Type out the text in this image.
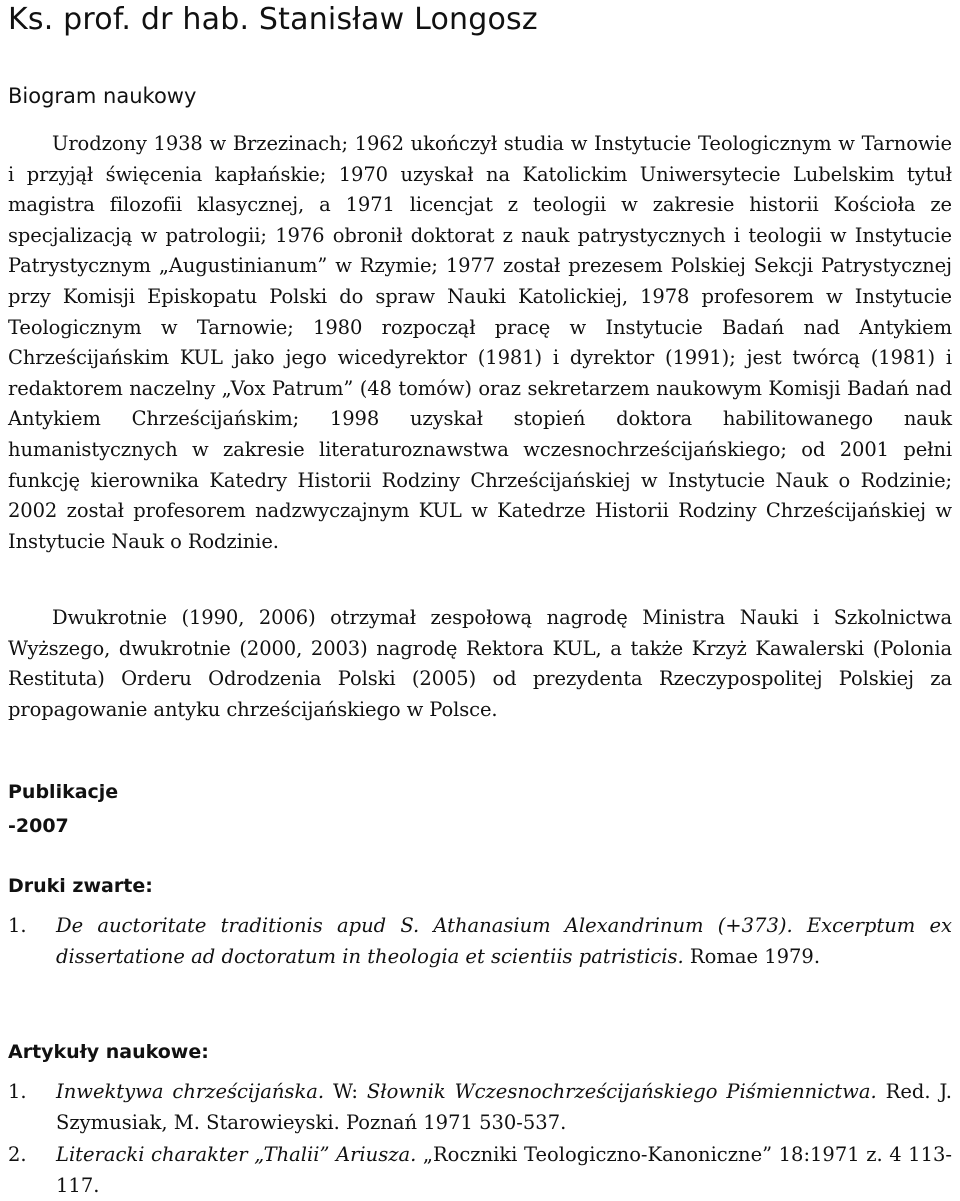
Ks. prof. dr hab. Stanisław Longosz
Biogram naukowy

Urodzony 1938 w Brzezinach; 1962 ukończył studia w Instytucie Teologicznym w Tarnowie i przyjął święcenia kapłańskie; 1970 uzyskał na Katolickim Uniwersytecie Lubelskim tytuł magistra filozofii klasycznej, a 1971 licencjat z teologii w zakresie historii Kościoła ze specjalizacją w patrologii; 1976 obronił doktorat z nauk patrystycznych i teologii w Instytucie Patrystycznym „Augustinianum” w Rzymie; 1977 został prezesem Polskiej Sekcji Patrystycznej przy Komisji Episkopatu Polski do spraw Nauki Katolickiej, 1978 profesorem w Instytucie Teologicznym w Tarnowie; 1980 rozpoczął pracę w Instytucie Badań nad Antykiem Chrześcijańskim KUL jako jego wicedyrektor (1981) i dyrektor (1991); jest twórcą (1981) i redaktorem naczelny „Vox Patrum” (48 tomów) oraz sekretarzem naukowym Komisji Badań nad Antykiem Chrześcijańskim; 1998 uzyskał stopień doktora habilitowanego nauk humanistycznych w zakresie literaturoznawstwa wczesnochrześcijańskiego; od 2001 pełni funkcję kierownika Katedry Historii Rodziny Chrześcijańskiej w Instytucie Nauk o Rodzinie; 2002 został profesorem nadzwyczajnym KUL w Katedrze Historii Rodziny Chrześcijańskiej w Instytucie Nauk o Rodzinie.

Dwukrotnie (1990, 2006) otrzymał zespołową nagrodę Ministra Nauki i Szkolnictwa Wyższego, dwukrotnie (2000, 2003) nagrodę Rektora KUL, a także Krzyż Kawalerski (Polonia Restituta) Orderu Odrodzenia Polski (2005) od prezydenta Rzeczypospolitej Polskiej za propagowanie antyku chrześcijańskiego w Polsce.

Publikacje
-2007
Druki zwarte:
1. De auctoritate traditionis apud S. Athanasium Alexandrinum (+373). Excerptum ex dissertatione ad doctoratum in theologia et scientiis patristicis. Romae 1979.
Artykuły naukowe:
1. Inwektywa chrześcijańska. W: Słownik Wczesnochrześcijańskiego Piśmiennictwa. Red. J. Szymusiak, M. Starowieyski. Poznań 1971 530-537.
2. Literacki charakter „Thalii” Ariusza. „Roczniki Teologiczno-Kanoniczne” 18:1971 z. 4 113-117.
